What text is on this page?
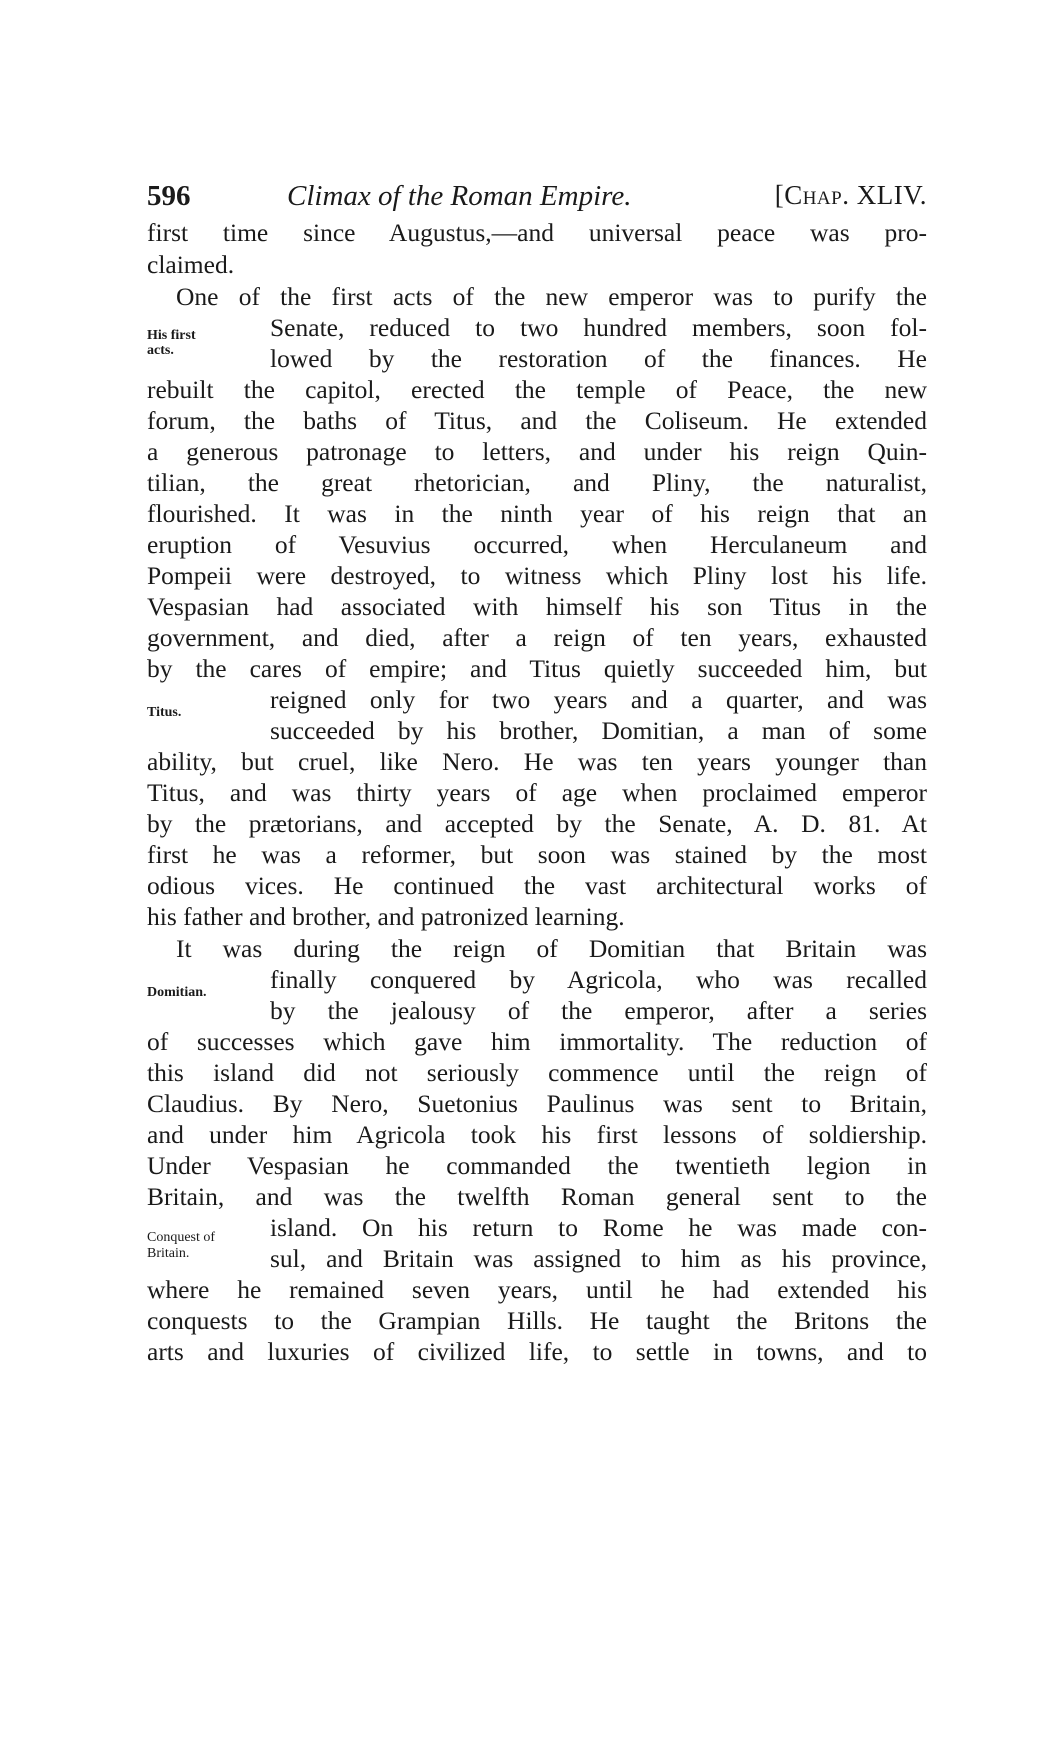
596	Climax of the Roman Empire.	[Chap. XLIV.
first time since Augustus,—and universal peace was pro-
claimed.
One of the first acts of the new emperor was to purify the
Senate, reduced to two hundred members, soon fol-
lowed by the restoration of the finances. He
rebuilt the capitol, erected the temple of Peace, the new
forum, the baths of Titus, and the Coliseum. He extended
a generous patronage to letters, and under his reign Quin-
tilian, the great rhetorician, and Pliny, the naturalist,
flourished. It was in the ninth year of his reign that an
eruption of Vesuvius occurred, when Herculaneum and
Pompeii were destroyed, to witness which Pliny lost his life.
Vespasian had associated with himself his son Titus in the
government, and died, after a reign of ten years, exhausted
by the cares of empire; and Titus quietly succeeded him, but
reigned only for two years and a quarter, and was
succeeded by his brother, Domitian, a man of some
ability, but cruel, like Nero. He was ten years younger than
Titus, and was thirty years of age when proclaimed emperor
by the prætorians, and accepted by the Senate, A. D. 81. At
first he was a reformer, but soon was stained by the most
odious vices. He continued the vast architectural works of
his father and brother, and patronized learning.
It was during the reign of Domitian that Britain was
finally conquered by Agricola, who was recalled
by the jealousy of the emperor, after a series
of successes which gave him immortality. The reduction of
this island did not seriously commence until the reign of
Claudius. By Nero, Suetonius Paulinus was sent to Britain,
and under him Agricola took his first lessons of soldiership.
Under Vespasian he commanded the twentieth legion in
Britain, and was the twelfth Roman general sent to the
island. On his return to Rome he was made con-
sul, and Britain was assigned to him as his province,
where he remained seven years, until he had extended his
conquests to the Grampian Hills. He taught the Britons the
arts and luxuries of civilized life, to settle in towns, and to
His first
acts.
Titus.
Domitian.
Conquest of
Britain.
